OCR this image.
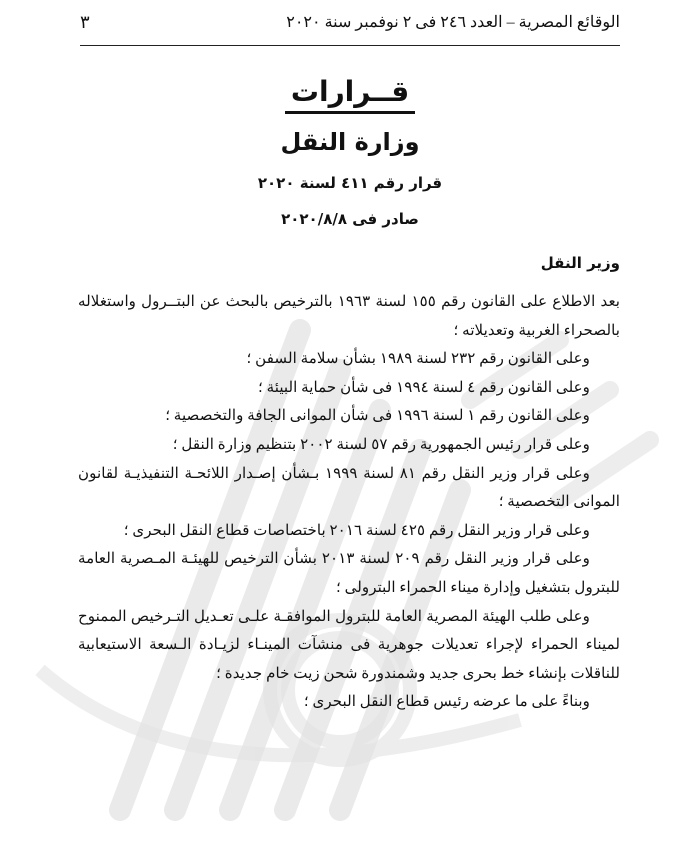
الوقائع المصرية – العدد ٢٤٦ فى ٢ نوفمبر سنة ٢٠٢٠
٣
قــرارات
وزارة النقل
قرار رقم ٤١١ لسنة ٢٠٢٠
صادر فى ٢٠٢٠/٨/٨
وزير النقل

بعد الاطلاع على القانون رقم ١٥٥ لسنة ١٩٦٣ بالترخيص بالبحث عن البتــرول واستغلاله بالصحراء الغربية وتعديلاته ؛

وعلى القانون رقم ٢٣٢ لسنة ١٩٨٩ بشأن سلامة السفن ؛

وعلى القانون رقم ٤ لسنة ١٩٩٤ فى شأن حماية البيئة ؛

وعلى القانون رقم ١ لسنة ١٩٩٦ فى شأن الموانى الجافة والتخصصية ؛

وعلى قرار رئيس الجمهورية رقم ٥٧ لسنة ٢٠٠٢ بتنظيم وزارة النقل ؛

وعلى قرار وزير النقل رقم ٨١ لسنة ١٩٩٩ بـشأن إصـدار اللائحـة التنفيذيـة لقانون الموانى التخصصية ؛

وعلى قرار وزير النقل رقم ٤٢٥ لسنة ٢٠١٦ باختصاصات قطاع النقل البحرى ؛

وعلى قرار وزير النقل رقم ٢٠٩ لسنة ٢٠١٣ بشأن الترخيص للهيئـة المـصرية العامة للبترول بتشغيل وإدارة ميناء الحمراء البترولى ؛

وعلى طلب الهيئة المصرية العامة للبترول الموافقـة علـى تعـديل التـرخيص الممنوح لميناء الحمراء لإجراء تعديلات جوهرية فى منشآت المينـاء لزيـادة الـسعة الاستيعابية للناقلات بإنشاء خط بحرى جديد وشمندورة شحن زيت خام جديدة ؛

وبناءً على ما عرضه رئيس قطاع النقل البحرى ؛
